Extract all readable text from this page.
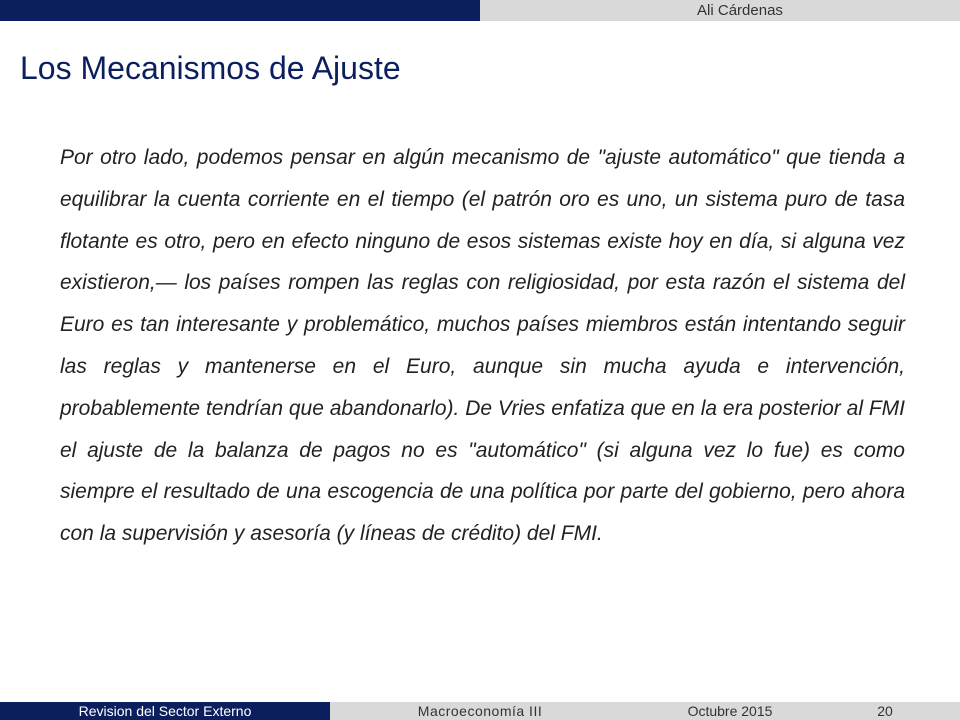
Ali Cárdenas
Los Mecanismos de Ajuste

Por otro lado, podemos pensar en algún mecanismo de "ajuste automático" que tienda a equilibrar la cuenta corriente en el tiempo (el patrón oro es uno, un sistema puro de tasa flotante es otro, pero en efecto ninguno de esos sistemas existe hoy en día, si alguna vez existieron,— los países rompen las reglas con religiosidad, por esta razón el sistema del Euro es tan interesante y problemático, muchos países miembros están intentando seguir las reglas y mantenerse en el Euro, aunque sin mucha ayuda e intervención, probablemente tendrían que abandonarlo). De Vries enfatiza que en la era posterior al FMI el ajuste de la balanza de pagos no es "automático" (si alguna vez lo fue) es como siempre el resultado de una escogencia de una política por parte del gobierno, pero ahora con la supervisión y asesoría (y líneas de crédito) del FMI.

Revision del Sector Externo	Macroeconomía III	Octubre 2015	20
